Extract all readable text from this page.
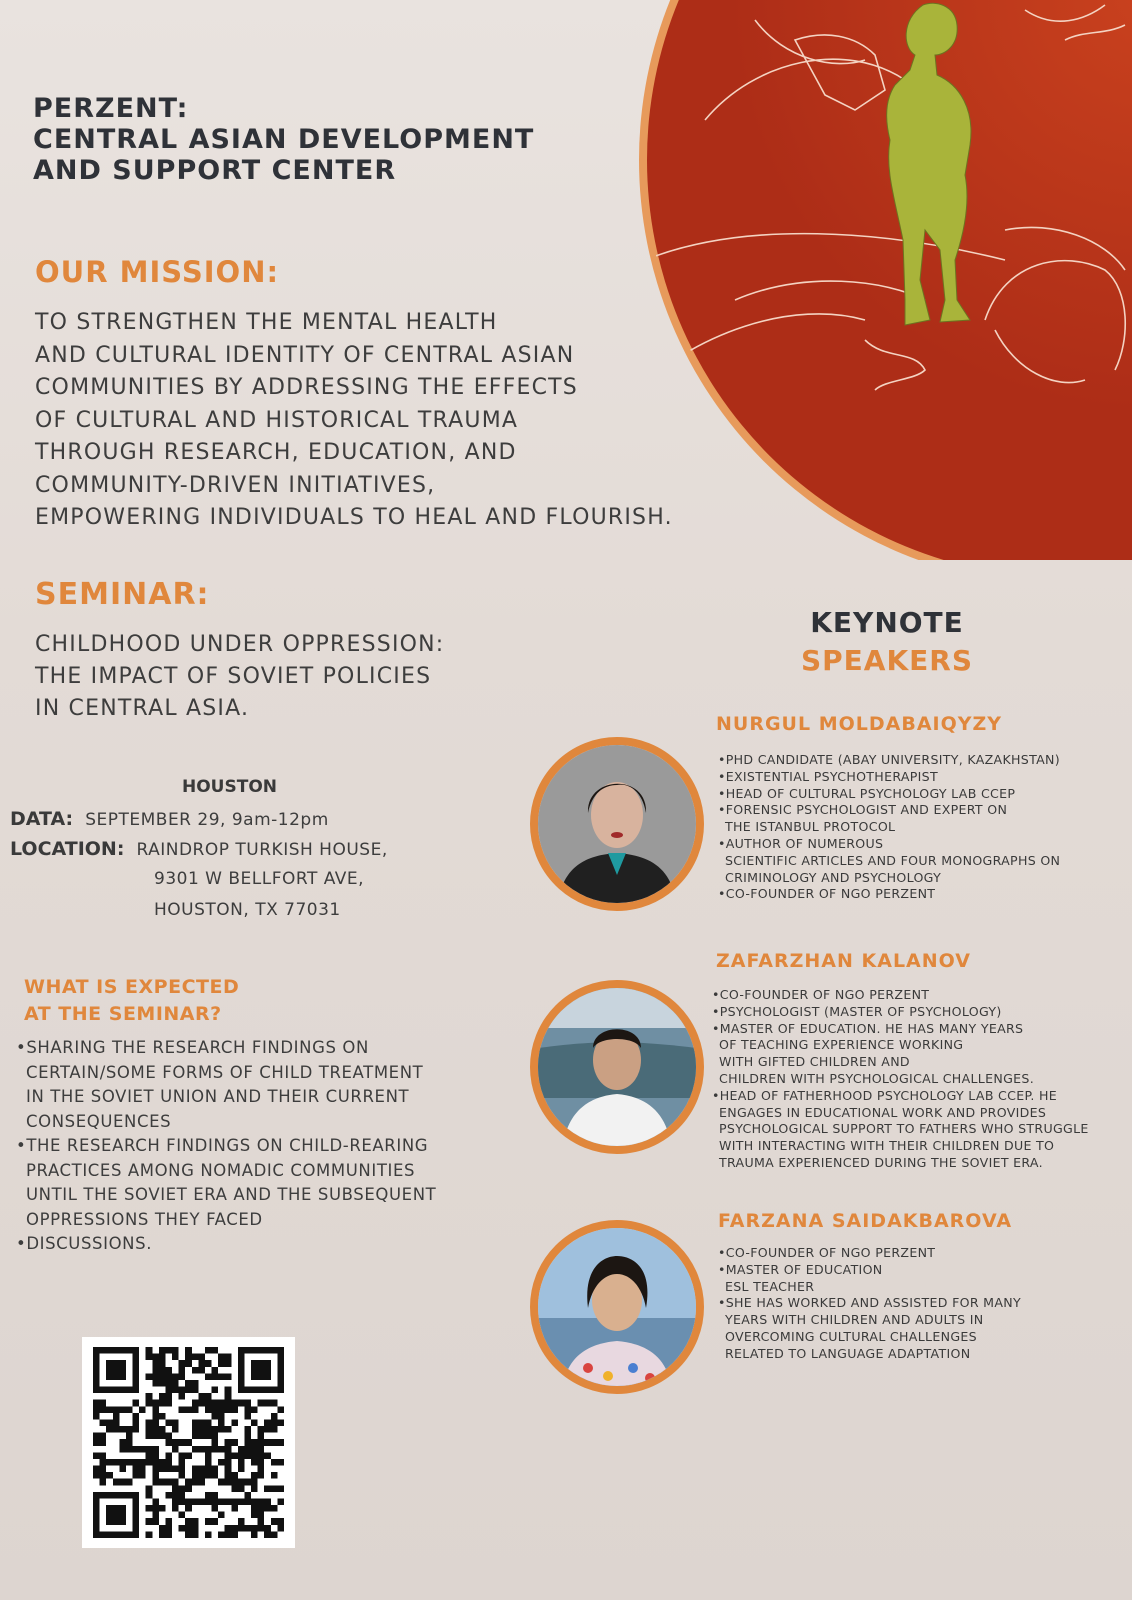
PERZENT:
CENTRAL ASIAN DEVELOPMENT
AND SUPPORT CENTER
OUR MISSION:
TO STRENGTHEN THE MENTAL HEALTH
AND CULTURAL IDENTITY OF CENTRAL ASIAN
COMMUNITIES BY ADDRESSING THE EFFECTS
OF CULTURAL AND HISTORICAL TRAUMA
THROUGH RESEARCH, EDUCATION, AND
COMMUNITY-DRIVEN INITIATIVES,
EMPOWERING INDIVIDUALS TO HEAL AND FLOURISH.
SEMINAR:
CHILDHOOD UNDER OPPRESSION:
THE IMPACT OF SOVIET POLICIES
IN CENTRAL ASIA.
HOUSTON
DATA: SEPTEMBER 29, 9am-12pm
LOCATION: RAINDROP TURKISH HOUSE,
9301 W BELLFORT AVE,
HOUSTON, TX 77031
WHAT IS EXPECTED
AT THE SEMINAR?
•SHARING THE RESEARCH FINDINGS ON
CERTAIN/SOME FORMS OF CHILD TREATMENT
IN THE SOVIET UNION AND THEIR CURRENT
CONSEQUENCES
•THE RESEARCH FINDINGS ON CHILD-REARING
PRACTICES AMONG NOMADIC COMMUNITIES
UNTIL THE SOVIET ERA AND THE SUBSEQUENT
OPPRESSIONS THEY FACED
•DISCUSSIONS.
KEYNOTE
SPEAKERS
NURGUL MOLDABAIQYZY
•PHD CANDIDATE (ABAY UNIVERSITY, KAZAKHSTAN)
•EXISTENTIAL PSYCHOTHERAPIST
•HEAD OF CULTURAL PSYCHOLOGY LAB CCEP
•FORENSIC PSYCHOLOGIST AND EXPERT ON
THE ISTANBUL PROTOCOL
•AUTHOR OF NUMEROUS
SCIENTIFIC ARTICLES AND FOUR MONOGRAPHS ON
CRIMINOLOGY AND PSYCHOLOGY
•CO-FOUNDER OF NGO PERZENT
ZAFARZHAN KALANOV
•CO-FOUNDER OF NGO PERZENT
•PSYCHOLOGIST (MASTER OF PSYCHOLOGY)
•MASTER OF EDUCATION. HE HAS MANY YEARS
OF TEACHING EXPERIENCE WORKING
WITH GIFTED CHILDREN AND
CHILDREN WITH PSYCHOLOGICAL CHALLENGES.
•HEAD OF FATHERHOOD PSYCHOLOGY LAB CCEP. HE
ENGAGES IN EDUCATIONAL WORK AND PROVIDES
PSYCHOLOGICAL SUPPORT TO FATHERS WHO STRUGGLE
WITH INTERACTING WITH THEIR CHILDREN DUE TO
TRAUMA EXPERIENCED DURING THE SOVIET ERA.
FARZANA SAIDAKBAROVA
•CO-FOUNDER OF NGO PERZENT
•MASTER OF EDUCATION
ESL TEACHER
•SHE HAS WORKED AND ASSISTED FOR MANY
YEARS WITH CHILDREN AND ADULTS IN
OVERCOMING CULTURAL CHALLENGES
RELATED TO LANGUAGE ADAPTATION
